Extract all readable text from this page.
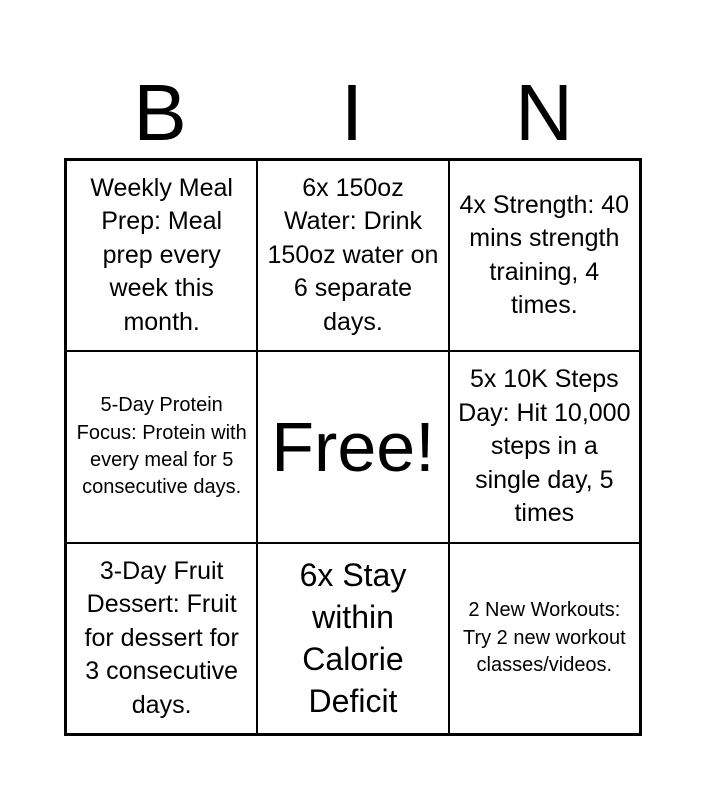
B	I	N
Weekly Meal Prep: Meal prep every week this month.
6x 150oz Water: Drink 150oz water on 6 separate days.
4x Strength: 40 mins strength training, 4 times.
5-Day Protein Focus: Protein with every meal for 5 consecutive days.
Free!
5x 10K Steps Day: Hit 10,000 steps in a single day, 5 times
3-Day Fruit Dessert: Fruit for dessert for 3 consecutive days.
6x Stay within Calorie Deficit
2 New Workouts: Try 2 new workout classes/videos.
